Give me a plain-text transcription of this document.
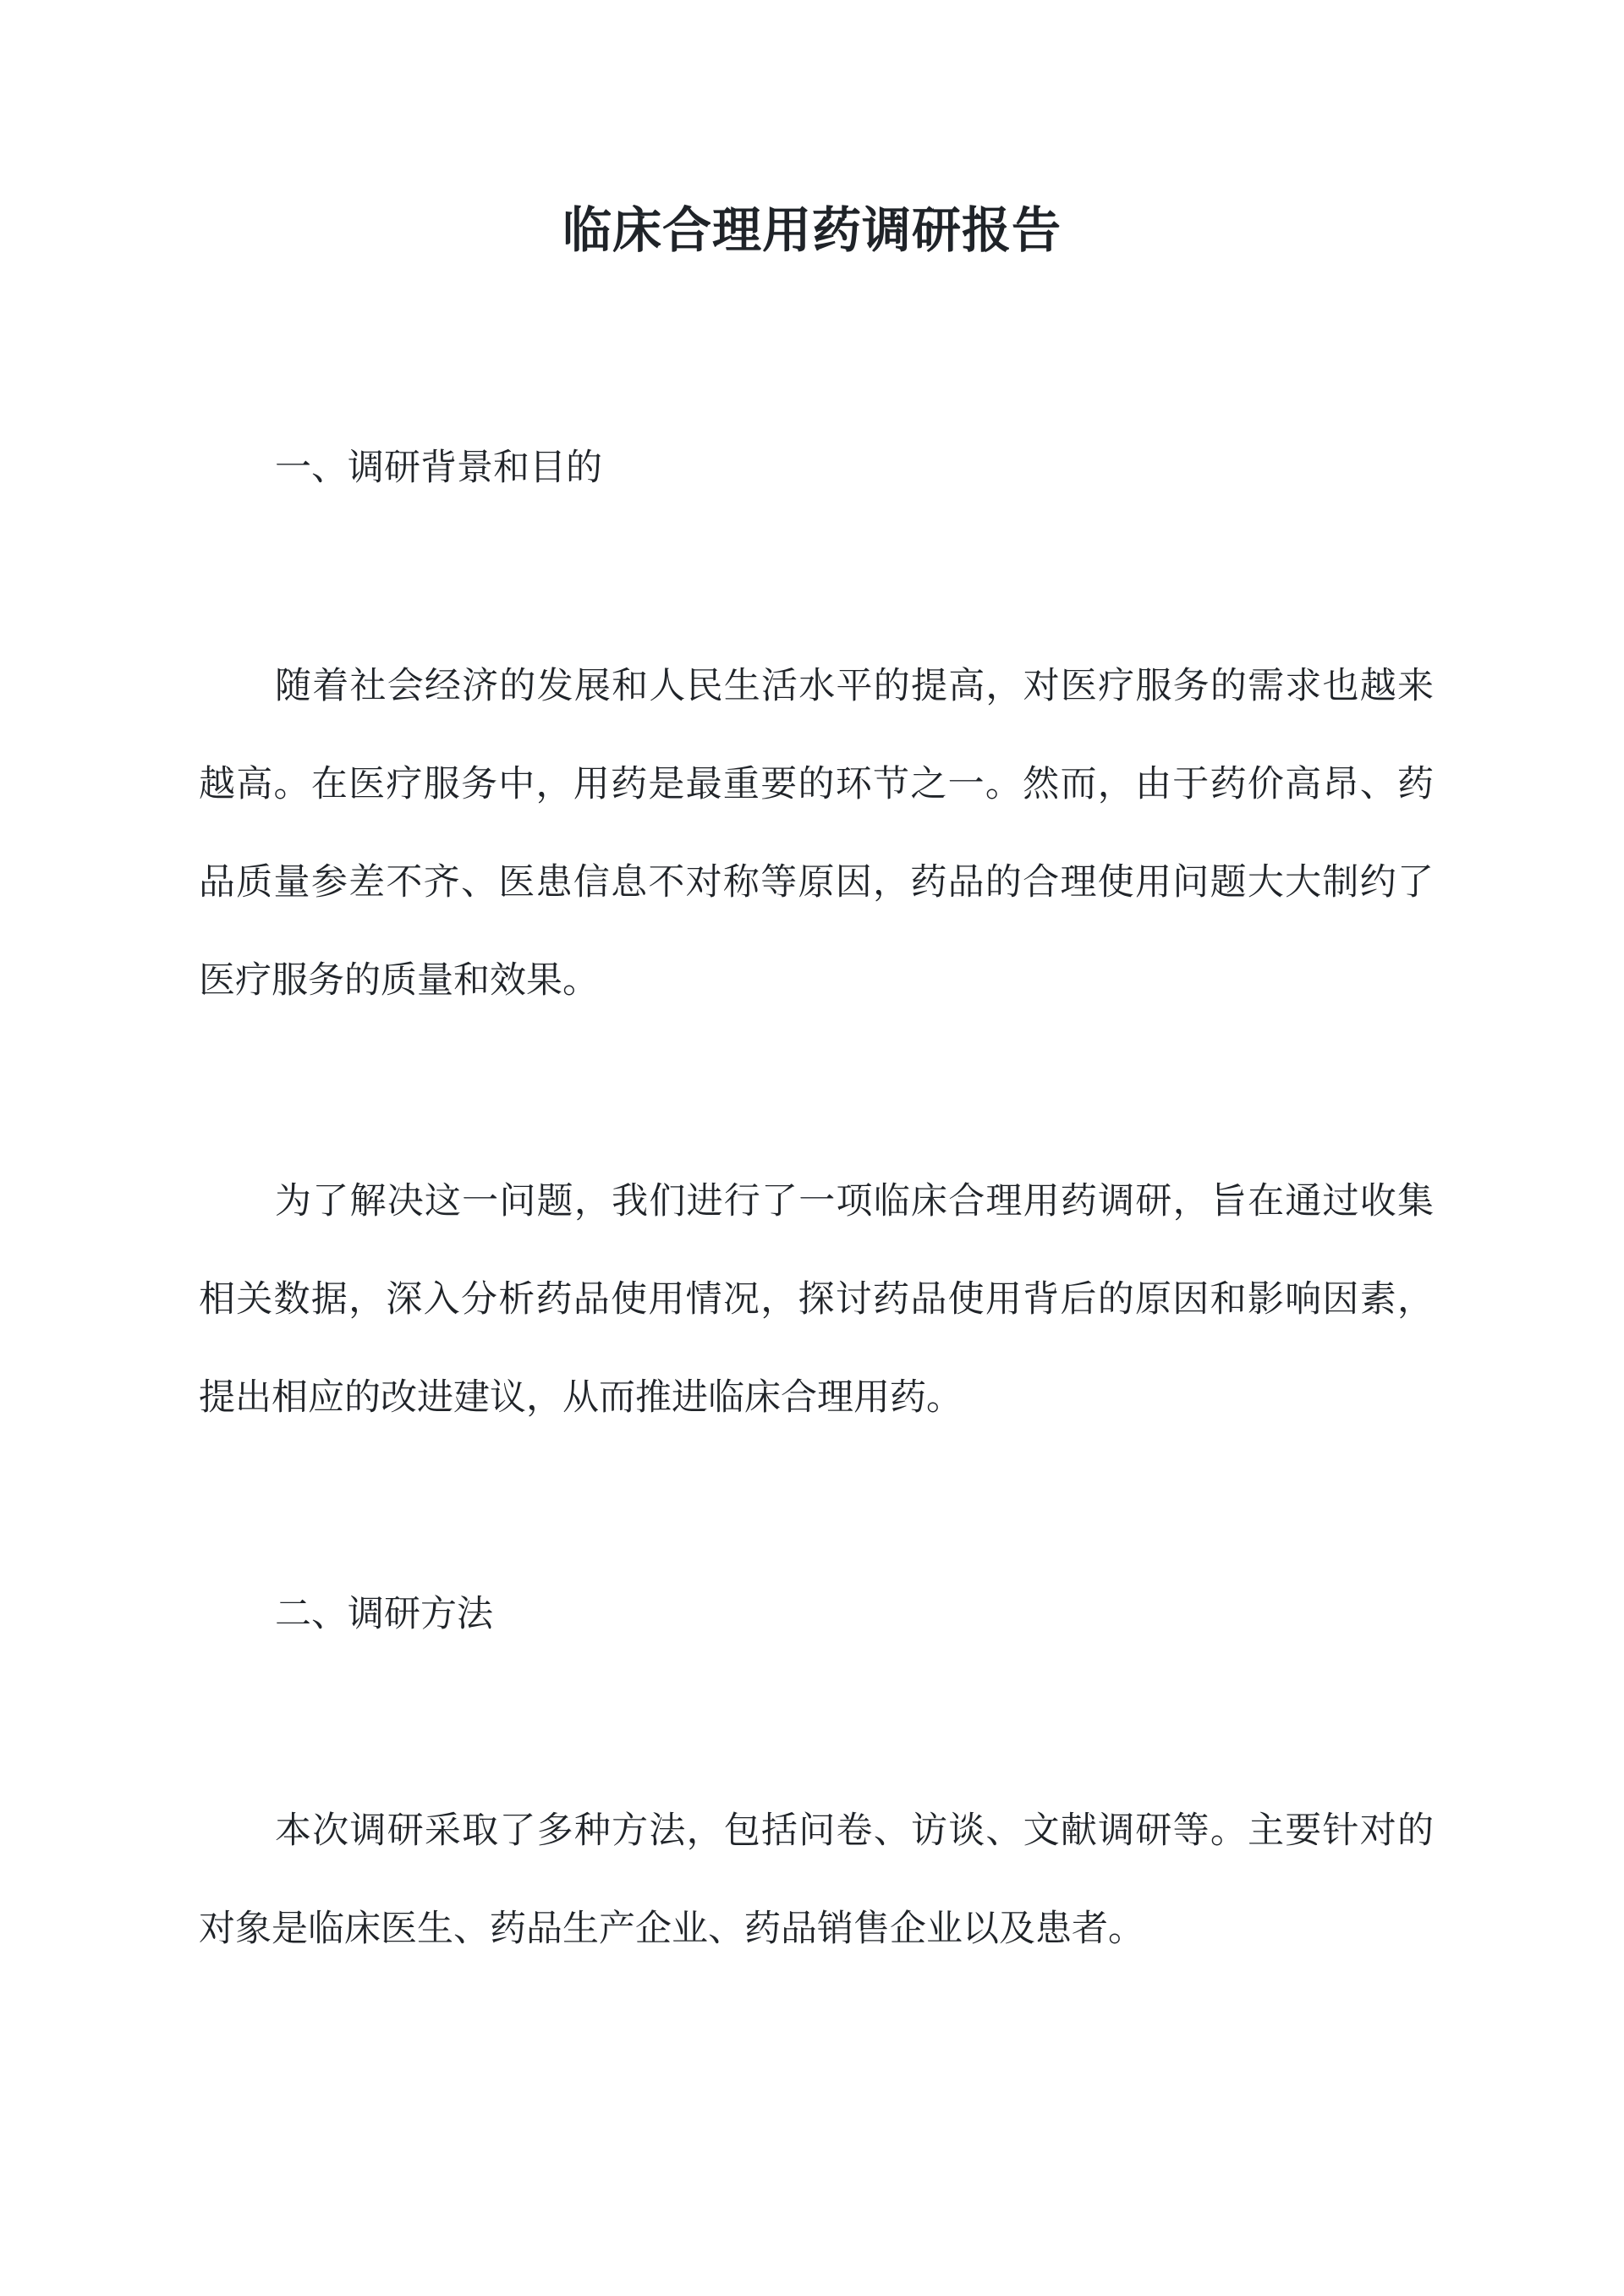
临床合理用药调研报告
一、调研背景和目的

随着社会经济的发展和人民生活水平的提高，对医疗服务的需求也越来越高。在医疗服务中，用药是最重要的环节之一。然而，由于药价高昂、药品质量参差不齐、医患信息不对称等原因，药品的合理使用问题大大制约了医疗服务的质量和效果。

为了解决这一问题，我们进行了一项临床合理用药调研，旨在通过收集相关数据，深入分析药品使用情况，探讨药品使用背后的原因和影响因素，提出相应的改进建议，从而推进临床合理用药。

二、调研方法

本次调研采取了多种方法，包括问卷、访谈、文献调研等。主要针对的对象是临床医生、药品生产企业、药品销售企业以及患者。
